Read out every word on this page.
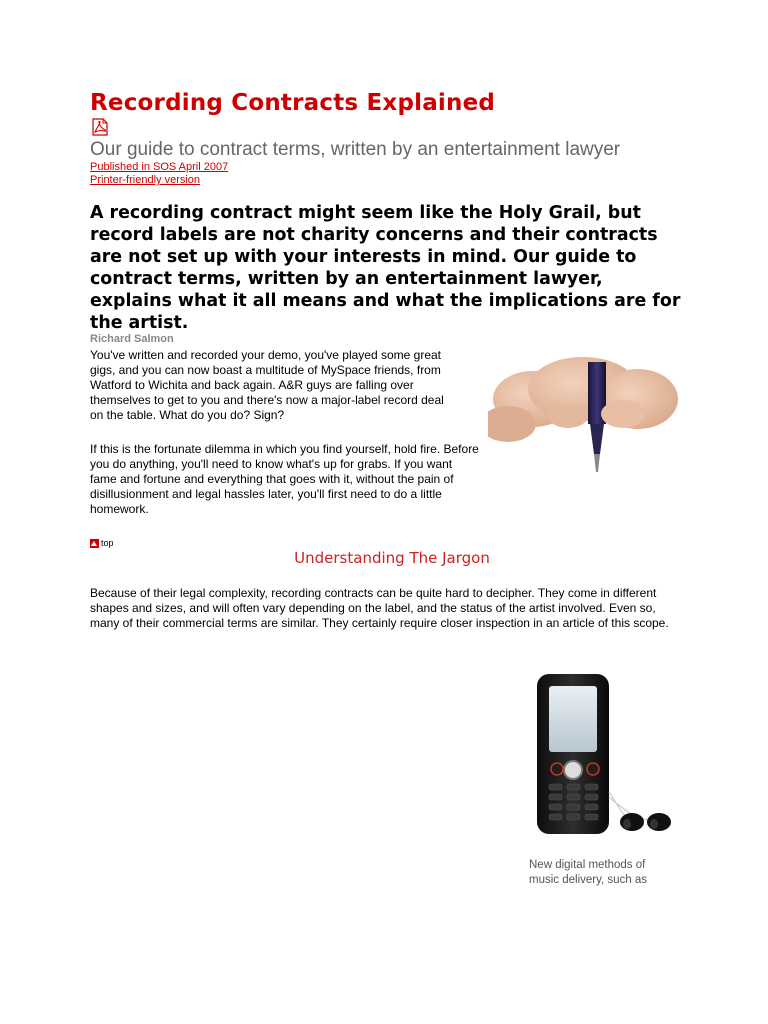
Recording Contracts Explained
Our guide to contract terms, written by an entertainment lawyer
Published in SOS April 2007
Printer-friendly version

A recording contract might seem like the Holy Grail, but record labels are not charity concerns and their contracts are not set up with your interests in mind. Our guide to contract terms, written by an entertainment lawyer, explains what it all means and what the implications are for the artist.

Richard Salmon

You've written and recorded your demo, you've played some great gigs, and you can now boast a multitude of MySpace friends, from Watford to Wichita and back again. A&R guys are falling over themselves to get to you and there's now a major-label record deal on the table. What do you do? Sign?

If this is the fortunate dilemma in which you find yourself, hold fire. Before you do anything, you'll need to know what's up for grabs. If you want fame and fortune and everything that goes with it, without the pain of disillusionment and legal hassles later, you'll first need to do a little homework.

top
Understanding The Jargon

Because of their legal complexity, recording contracts can be quite hard to decipher. They come in different shapes and sizes, and will often vary depending on the label, and the status of the artist involved. Even so, many of their commercial terms are similar. They certainly require closer inspection in an article of this scope.

New digital methods of music delivery, such as
